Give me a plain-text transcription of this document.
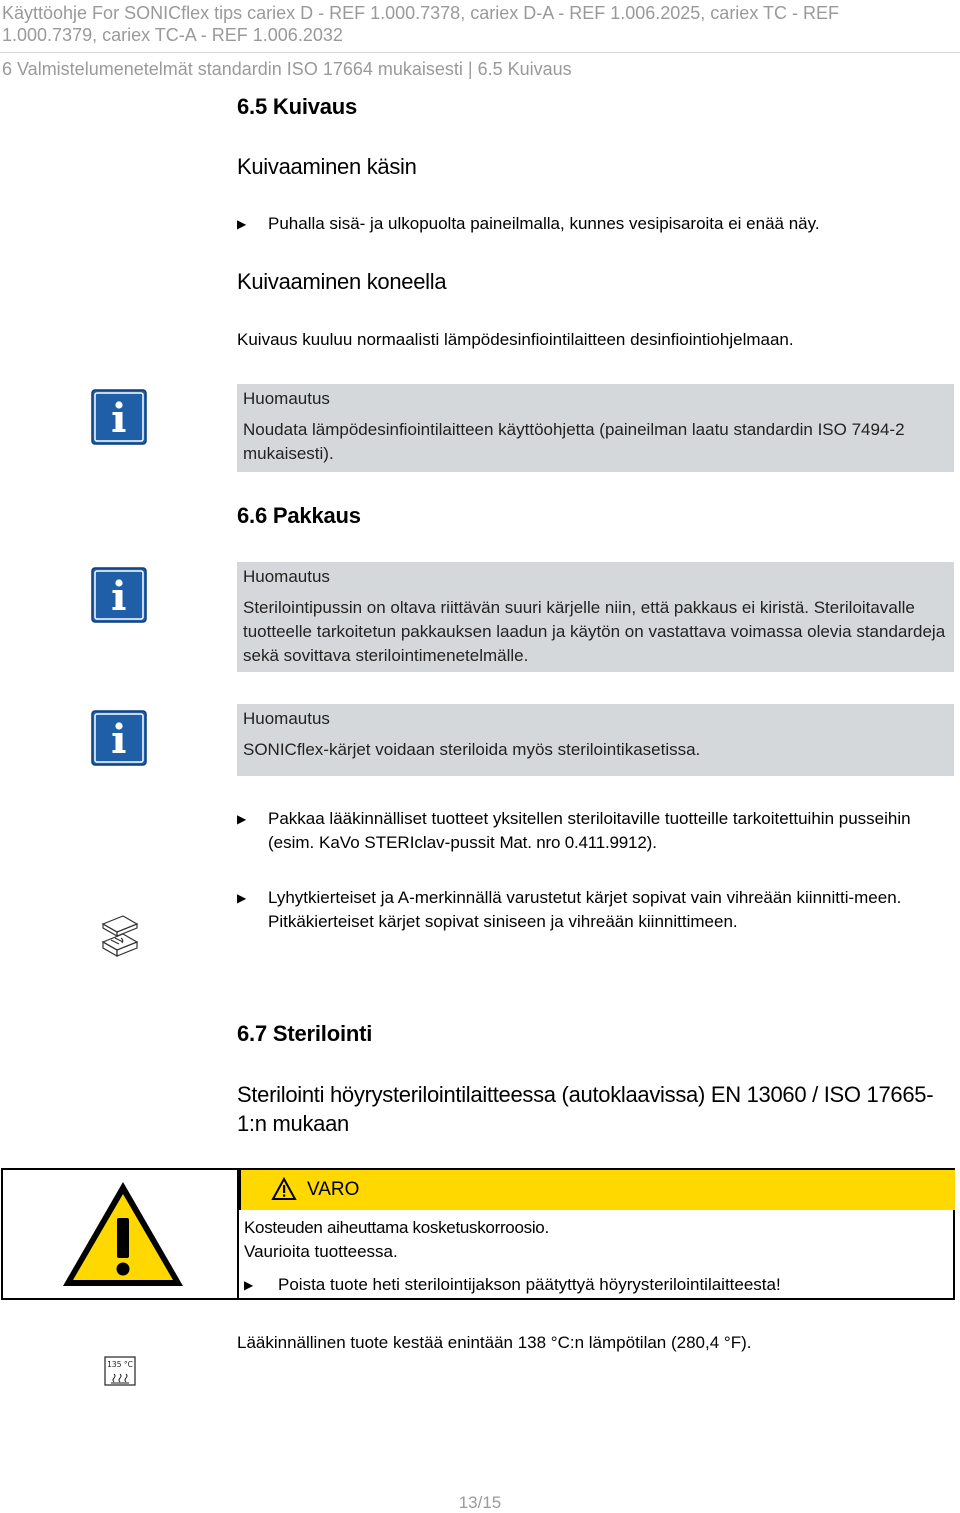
Käyttöohje For SONICflex tips cariex D - REF 1.000.7378, cariex D-A - REF 1.006.2025, cariex TC - REF
1.000.7379, cariex TC-A - REF 1.006.2032
6 Valmistelumenetelmät standardin ISO 17664 mukaisesti | 6.5 Kuivaus
6.5 Kuivaus
Kuivaaminen käsin
▶ Puhalla sisä- ja ulkopuolta paineilmalla, kunnes vesipisaroita ei enää näy.
Kuivaaminen koneella
Kuivaus kuuluu normaalisti lämpödesinfiointilaitteen desinfiointiohjelmaan.
Huomautus
Noudata lämpödesinfiointilaitteen käyttöohjetta (paineilman laatu standardin ISO 7494-2 mukaisesti).
6.6 Pakkaus
Huomautus
Sterilointipussin on oltava riittävän suuri kärjelle niin, että pakkaus ei kiristä. Steriloitavalle tuotteelle tarkoitetun pakkauksen laadun ja käytön on vastattava voimassa olevia standardeja sekä sovittava sterilointimenetelmälle.
Huomautus
SONICflex-kärjet voidaan steriloida myös sterilointikasetissa.
▶ Pakkaa lääkinnälliset tuotteet yksitellen steriloitaville tuotteille tarkoitettuihin pusseihin (esim. KaVo STERIclav-pussit Mat. nro 0.411.9912).
▶ Lyhytkierteiset ja A-merkinnällä varustetut kärjet sopivat vain vihreään kiinnitti-meen.
Pitkäkierteiset kärjet sopivat siniseen ja vihreään kiinnittimeen.
6.7 Sterilointi
Sterilointi höyrysterilointilaitteessa (autoklaavissa) EN 13060 / ISO 17665-1:n mukaan
VARO
Kosteuden aiheuttama kosketuskorroosio.
Vaurioita tuotteessa.
▶ Poista tuote heti sterilointijakson päätyttyä höyrysterilointilaitteesta!
135 °C
Lääkinnällinen tuote kestää enintään 138 °C:n lämpötilan (280,4 °F).
13/15
